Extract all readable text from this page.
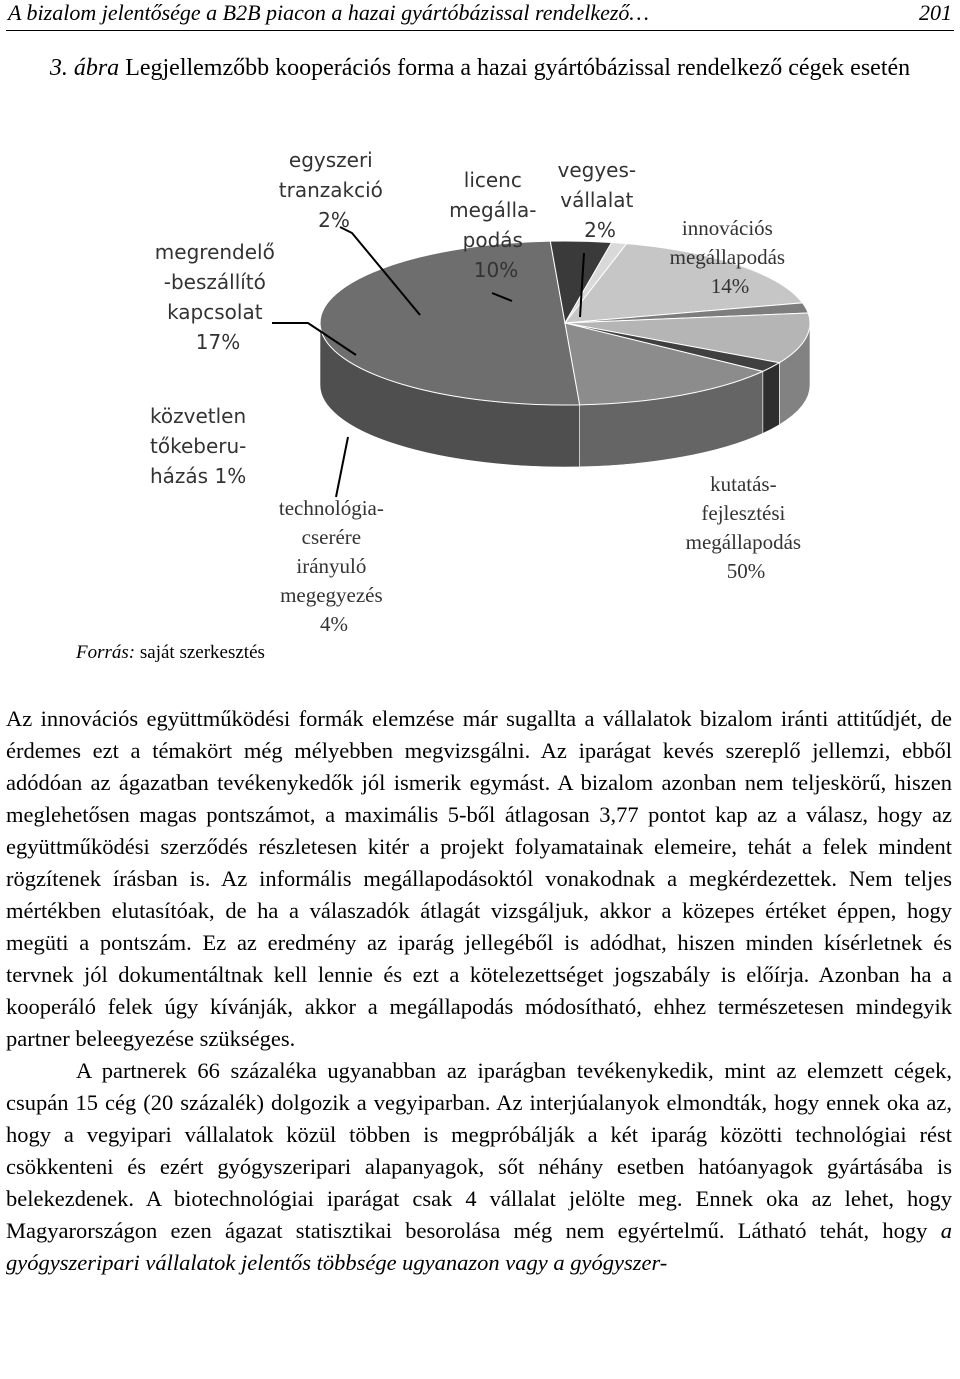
A bizalom jelentősége a B2B piacon a hazai gyártóbázissal rendelkező…	201
3. ábra Legjellemzőbb kooperációs forma a hazai gyártóbázissal rendelkező cégek esetén
egyszeri tranzakció 2%
licenc megálla- podás 10%
vegyes- vállalat 2%	innovációs megállapodás 14%
megrendelő -beszállító kapcsolat 17%
közvetlen tőkeberu- házás 1%
technológia- cserére irányuló megegyezés 4%
kutatás- fejlesztési megállapodás 50%
Forrás: saját szerkesztés

Az innovációs együttműködési formák elemzése már sugallta a vállalatok bizalom iránti attitűdjét, de érdemes ezt a témakört még mélyebben megvizsgálni. Az iparágat kevés szereplő jellemzi, ebből adódóan az ágazatban tevékenykedők jól ismerik egymást. A bizalom azonban nem teljeskörű, hiszen meglehetősen magas pontszámot, a maximális 5-ből átlagosan 3,77 pontot kap az a válasz, hogy az együttműködési szerződés részletesen kitér a projekt folyamatainak elemeire, tehát a felek mindent rögzítenek írásban is. Az informális megállapodásoktól vonakodnak a megkérdezettek. Nem teljes mértékben elutasítóak, de ha a válaszadók átlagát vizsgáljuk, akkor a közepes értéket éppen, hogy megüti a pontszám. Ez az eredmény az iparág jellegéből is adódhat, hiszen minden kísérletnek és tervnek jól dokumentáltnak kell lennie és ezt a kötelezettséget jogszabály is előírja. Azonban ha a kooperáló felek úgy kívánják, akkor a megállapodás módosítható, ehhez természetesen mindegyik partner beleegyezése szükséges.

A partnerek 66 százaléka ugyanabban az iparágban tevékenykedik, mint az elemzett cégek, csupán 15 cég (20 százalék) dolgozik a vegyiparban. Az interjúalanyok elmondták, hogy ennek oka az, hogy a vegyipari vállalatok közül többen is megpróbálják a két iparág közötti technológiai rést csökkenteni és ezért gyógyszeripari alapanyagok, sőt néhány esetben hatóanyagok gyártásába is belekezdenek. A biotechnológiai iparágat csak 4 vállalat jelölte meg. Ennek oka az lehet, hogy Magyarországon ezen ágazat statisztikai besorolása még nem egyértelmű. Látható tehát, hogy a gyógyszeripari vállalatok jelentős többsége ugyanazon vagy a gyógyszer-
